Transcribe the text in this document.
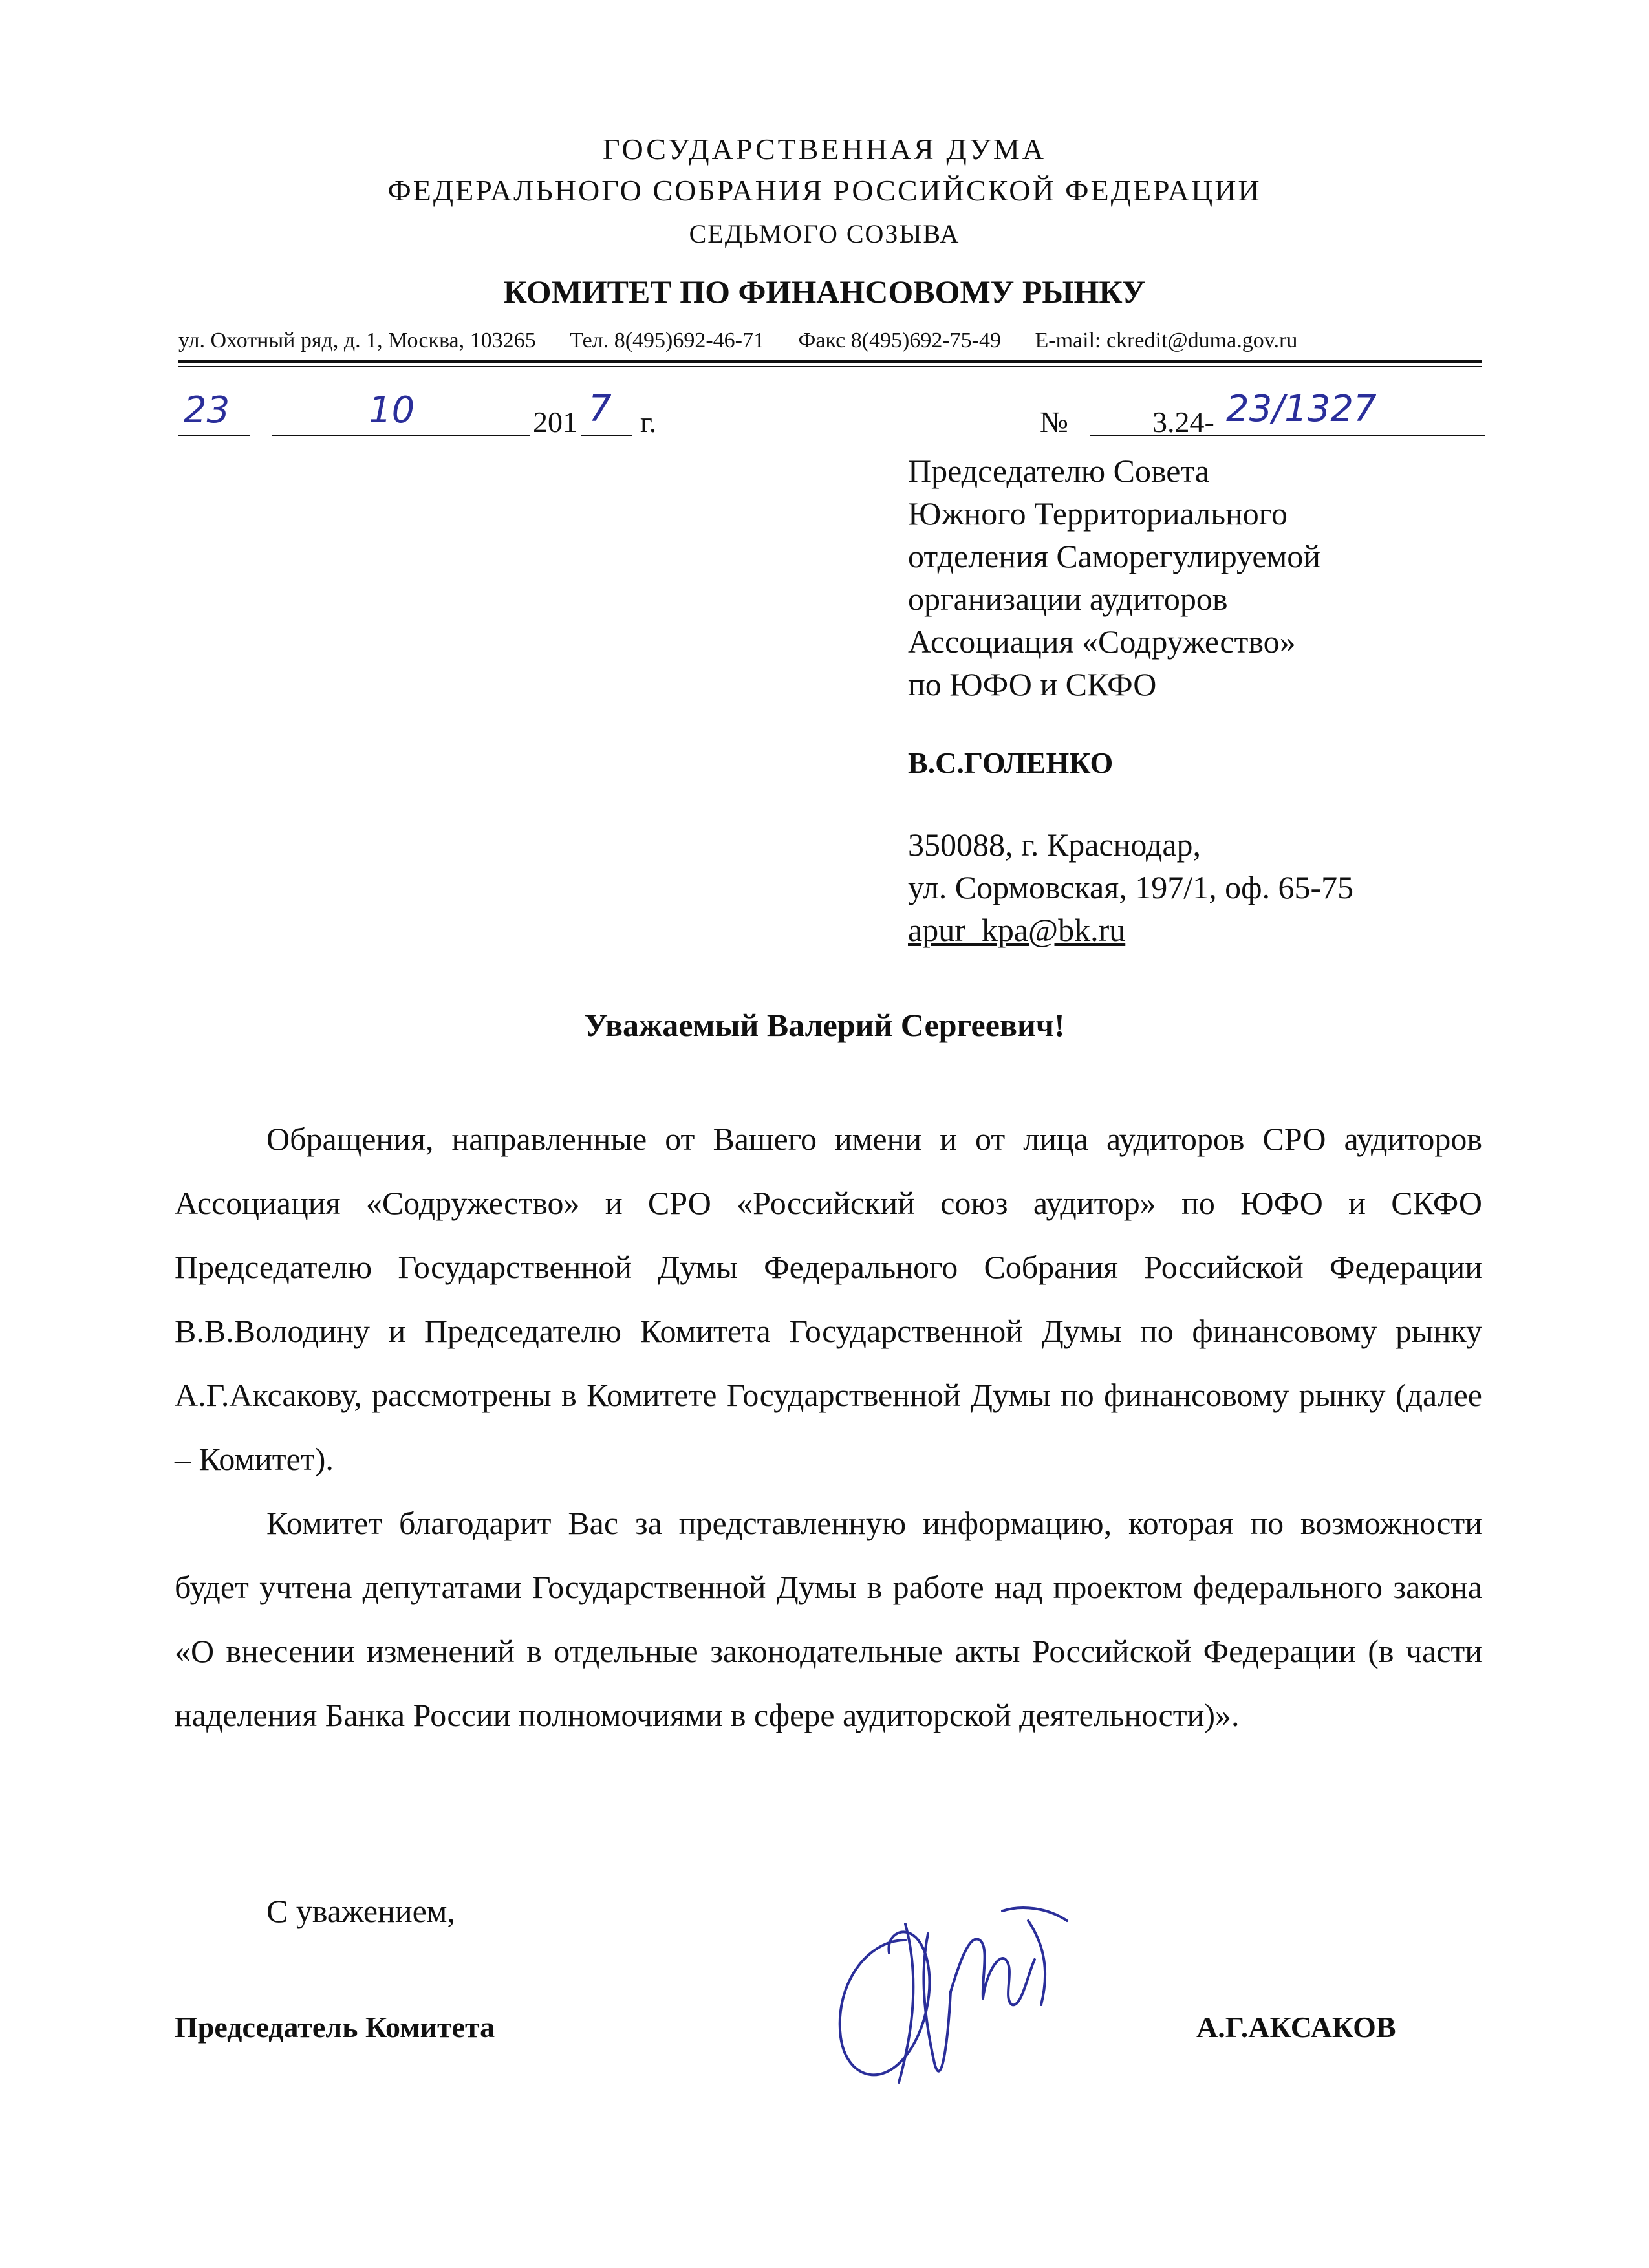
ГОСУДАРСТВЕННАЯ ДУМА
ФЕДЕРАЛЬНОГО СОБРАНИЯ РОССИЙСКОЙ ФЕДЕРАЦИИ
СЕДЬМОГО СОЗЫВА
КОМИТЕТ ПО ФИНАНСОВОМУ РЫНКУ
ул. Охотный ряд, д. 1, Москва, 103265 Тел. 8(495)692-46-71 Факс 8(495)692-75-49 E-mail: ckredit@duma.gov.ru
23	10	201 7 г.	№	3.24- 23/1327
Председателю Совета
Южного Территориального
отделения Саморегулируемой
организации аудиторов
Ассоциация «Содружество»
по ЮФО и СКФО
В.С.ГОЛЕНКО
350088, г. Краснодар,
ул. Сормовская, 197/1, оф. 65-75
apur_kpa@bk.ru
Уважаемый Валерий Сергеевич!

Обращения, направленные от Вашего имени и от лица аудиторов СРО аудиторов Ассоциация «Содружество» и СРО «Российский союз аудитор» по ЮФО и СКФО Председателю Государственной Думы Федерального Собрания Российской Федерации В.В.Володину и Председателю Комитета Государственной Думы по финансовому рынку А.Г.Аксакову, рассмотрены в Комитете Государственной Думы по финансовому рынку (далее – Комитет).

Комитет благодарит Вас за представленную информацию, которая по возможности будет учтена депутатами Государственной Думы в работе над проектом федерального закона «О внесении изменений в отдельные законодательные акты Российской Федерации (в части наделения Банка России полномочиями в сфере аудиторской деятельности)».

С уважением,
Председатель Комитета	А.Г.АКСАКОВ
